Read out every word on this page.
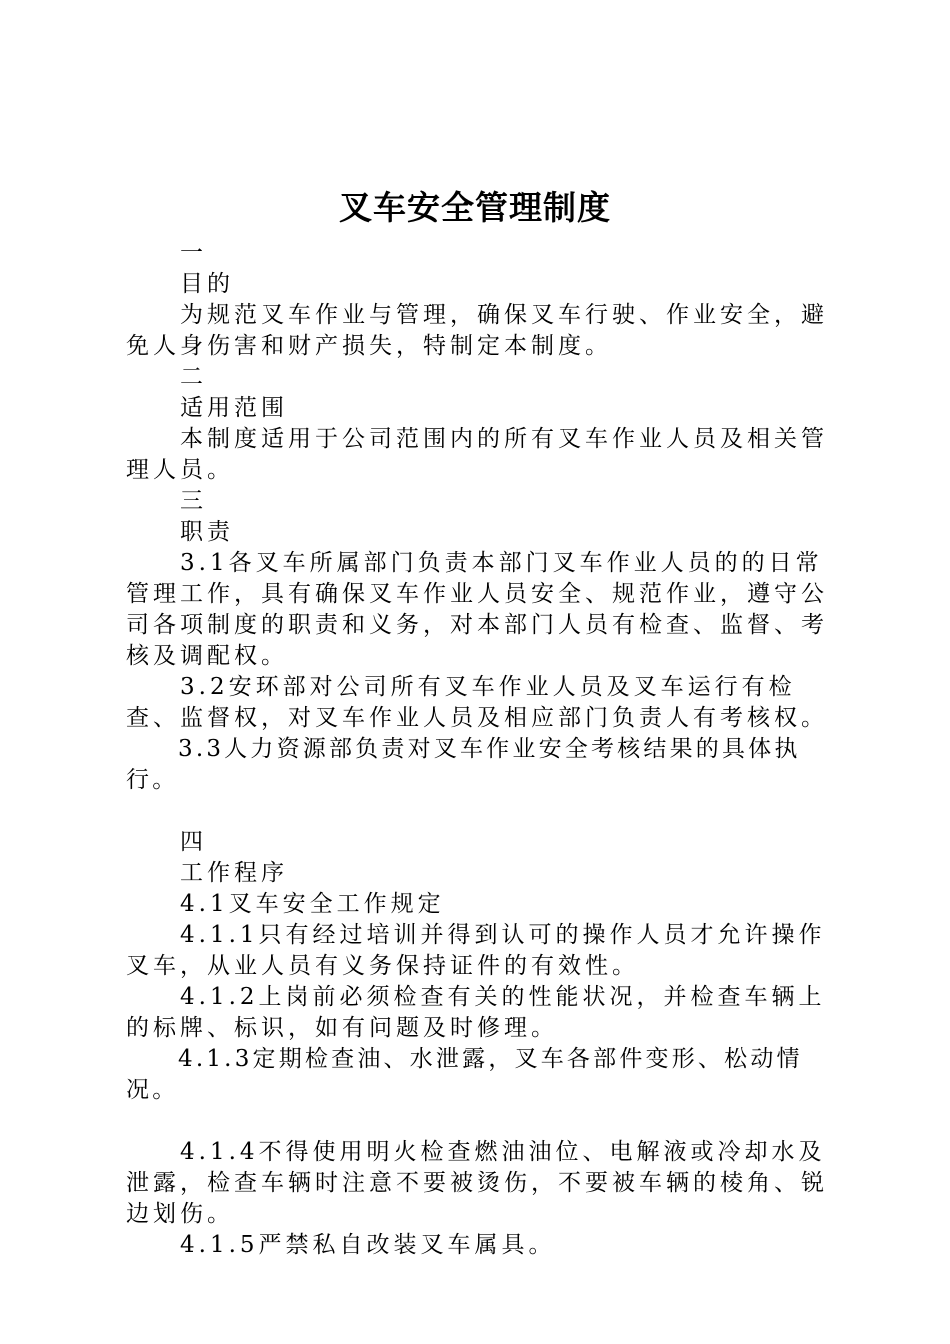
叉车安全管理制度

一

目的

为规范叉车作业与管理，确保叉车行驶、作业安全，避免人身伤害和财产损失，特制定本制度。

二

适用范围

本制度适用于公司范围内的所有叉车作业人员及相关管理人员。

三

职责

3.1各叉车所属部门负责本部门叉车作业人员的的日常管理工作，具有确保叉车作业人员安全、规范作业，遵守公司各项制度的职责和义务，对本部门人员有检查、监督、考核及调配权。

3.2安环部对公司所有叉车作业人员及叉车运行有检查、监督权，对叉车作业人员及相应部门负责人有考核权。

3.3人力资源部负责对叉车作业安全考核结果的具体执行。

四

工作程序

4.1叉车安全工作规定

4.1.1只有经过培训并得到认可的操作人员才允许操作叉车，从业人员有义务保持证件的有效性。

4.1.2上岗前必须检查有关的性能状况，并检查车辆上的标牌、标识，如有问题及时修理。

4.1.3定期检查油、水泄露，叉车各部件变形、松动情况。

4.1.4不得使用明火检查燃油油位、电解液或冷却水及泄露，检查车辆时注意不要被烫伤，不要被车辆的棱角、锐边划伤。

4.1.5严禁私自改装叉车属具。
